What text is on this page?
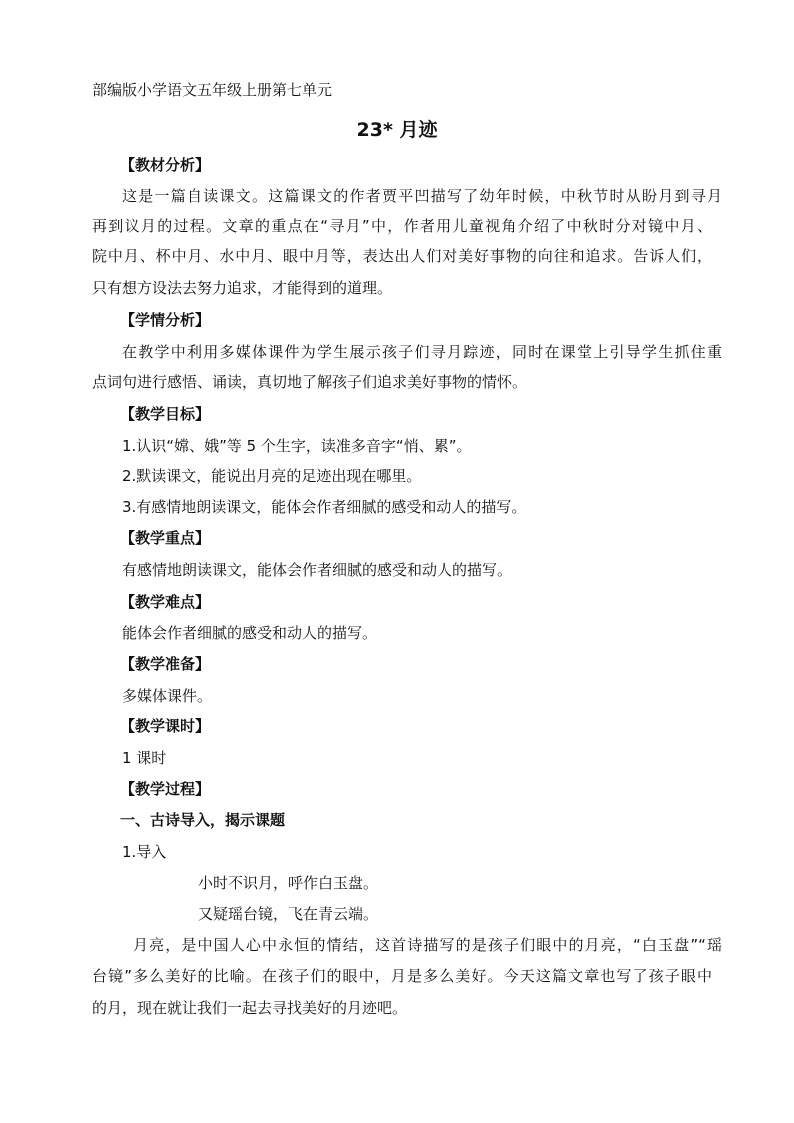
部编版小学语文五年级上册第七单元
23* 月迹
【教材分析】
这是一篇自读课文。这篇课文的作者贾平凹描写了幼年时候，中秋节时从盼月到寻月
再到议月的过程。文章的重点在“寻月”中，作者用儿童视角介绍了中秋时分对镜中月、
院中月、杯中月、水中月、眼中月等，表达出人们对美好事物的向往和追求。告诉人们，
只有想方设法去努力追求，才能得到的道理。
【学情分析】
在教学中利用多媒体课件为学生展示孩子们寻月踪迹，同时在课堂上引导学生抓住重
点词句进行感悟、诵读，真切地了解孩子们追求美好事物的情怀。
【教学目标】
1.认识“嫦、娥”等 5 个生字，读准多音字“悄、累”。
2.默读课文，能说出月亮的足迹出现在哪里。
3.有感情地朗读课文，能体会作者细腻的感受和动人的描写。
【教学重点】
有感情地朗读课文，能体会作者细腻的感受和动人的描写。
【教学难点】
能体会作者细腻的感受和动人的描写。
【教学准备】
多媒体课件。
【教学课时】
1 课时
【教学过程】
一、古诗导入，揭示课题
1.导入
小时不识月，呼作白玉盘。
又疑瑶台镜，飞在青云端。
月亮，是中国人心中永恒的情结，这首诗描写的是孩子们眼中的月亮，“白玉盘”“瑶
台镜”多么美好的比喻。在孩子们的眼中，月是多么美好。今天这篇文章也写了孩子眼中
的月，现在就让我们一起去寻找美好的月迹吧。
